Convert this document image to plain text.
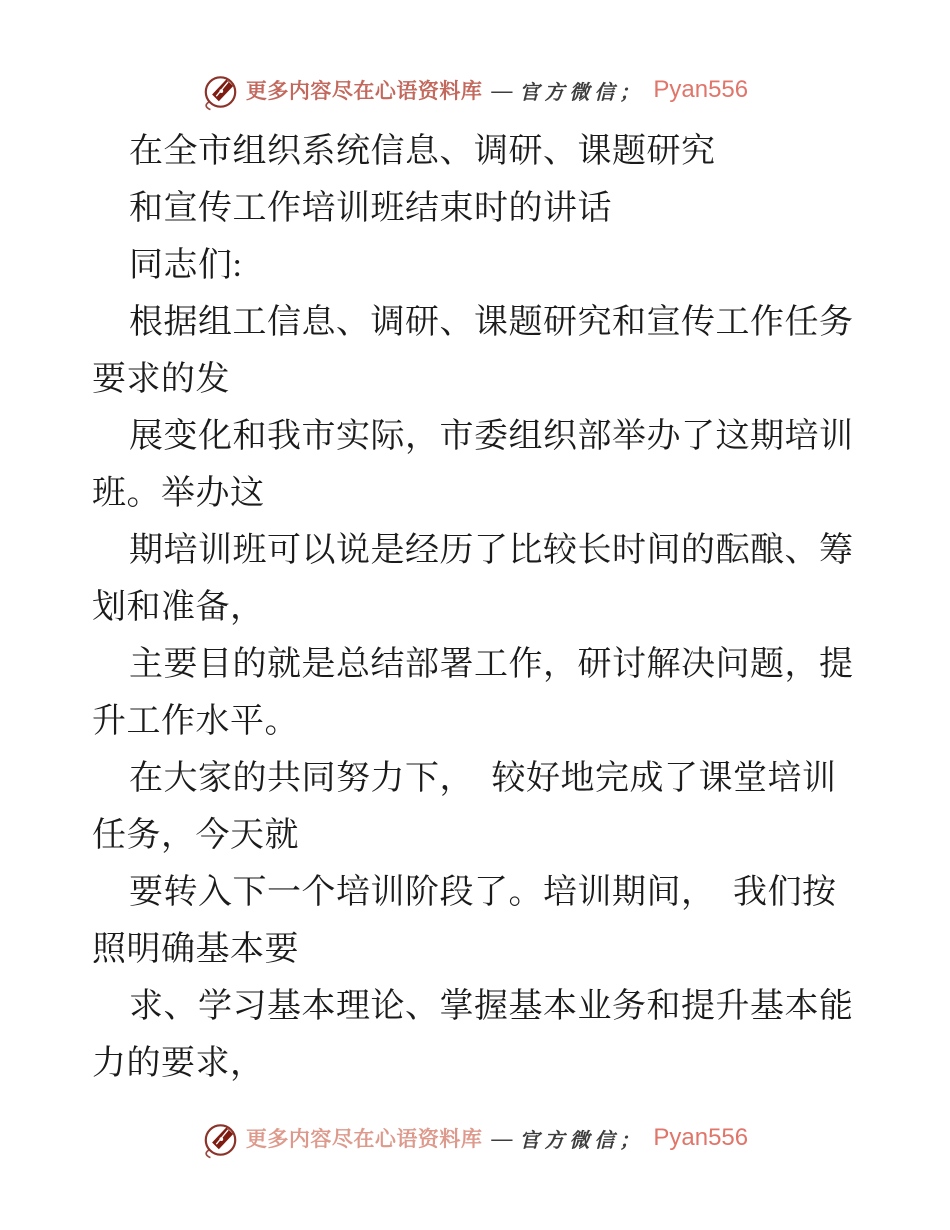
更多内容尽在心语资料库 — 官方微信； Pyan556
在全市组织系统信息、调研、课题研究
和宣传工作培训班结束时的讲话
同志们:
根据组工信息、调研、课题研究和宣传工作任务
要求的发
展变化和我市实际，市委组织部举办了这期培训
班。举办这
期培训班可以说是经历了比较长时间的酝酿、筹
划和准备，
主要目的就是总结部署工作，研讨解决问题，提
升工作水平。
在大家的共同努力下，　较好地完成了课堂培训
任务，今天就
要转入下一个培训阶段了。培训期间，　我们按
照明确基本要
求、学习基本理论、掌握基本业务和提升基本能
力的要求，
更多内容尽在心语资料库 — 官方微信； Pyan556
